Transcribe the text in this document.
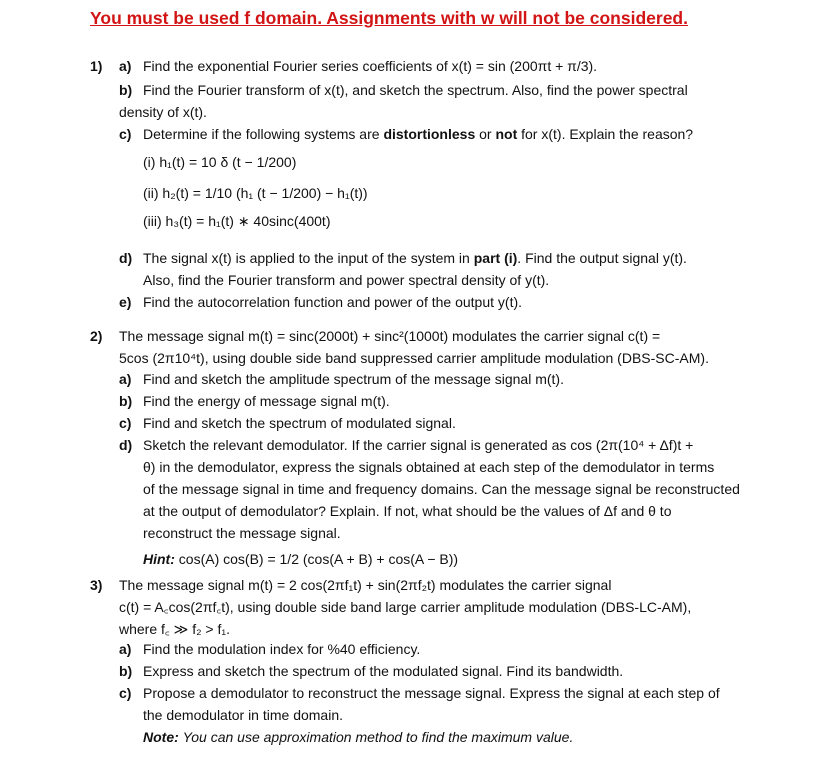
You must be used f domain. Assignments with w will not be considered.
1) a) Find the exponential Fourier series coefficients of x(t) = sin (200πt + π/3).
b) Find the Fourier transform of x(t), and sketch the spectrum. Also, find the power spectral
density of x(t).
c) Determine if the following systems are distortionless or not for x(t). Explain the reason?
(i) h₁(t) = 10 δ (t − 1/200)
(ii) h₂(t) = 1/10 (h₁ (t − 1/200) − h₁(t))
(iii) h₃(t) = h₁(t) ∗ 40sinc(400t)
d) The signal x(t) is applied to the input of the system in part (i). Find the output signal y(t).
Also, find the Fourier transform and power spectral density of y(t).
e) Find the autocorrelation function and power of the output y(t).
2) The message signal m(t) = sinc(2000t) + sinc²(1000t) modulates the carrier signal c(t) =
5cos (2π10⁴t), using double side band suppressed carrier amplitude modulation (DBS-SC-AM).
a) Find and sketch the amplitude spectrum of the message signal m(t).
b) Find the energy of message signal m(t).
c) Find and sketch the spectrum of modulated signal.
d) Sketch the relevant demodulator. If the carrier signal is generated as cos (2π(10⁴ + Δf)t +
θ) in the demodulator, express the signals obtained at each step of the demodulator in terms
of the message signal in time and frequency domains. Can the message signal be reconstructed
at the output of demodulator? Explain. If not, what should be the values of Δf and θ to
reconstruct the message signal.
Hint: cos(A) cos(B) = 1/2 (cos(A + B) + cos(A − B))
3) The message signal m(t) = 2 cos(2πf₁t) + sin(2πf₂t) modulates the carrier signal
c(t) = A꜀cos(2πf꜀t), using double side band large carrier amplitude modulation (DBS-LC-AM),
where f꜀ ≫ f₂ > f₁.
a) Find the modulation index for %40 efficiency.
b) Express and sketch the spectrum of the modulated signal. Find its bandwidth.
c) Propose a demodulator to reconstruct the message signal. Express the signal at each step of
the demodulator in time domain.
Note: You can use approximation method to find the maximum value.
